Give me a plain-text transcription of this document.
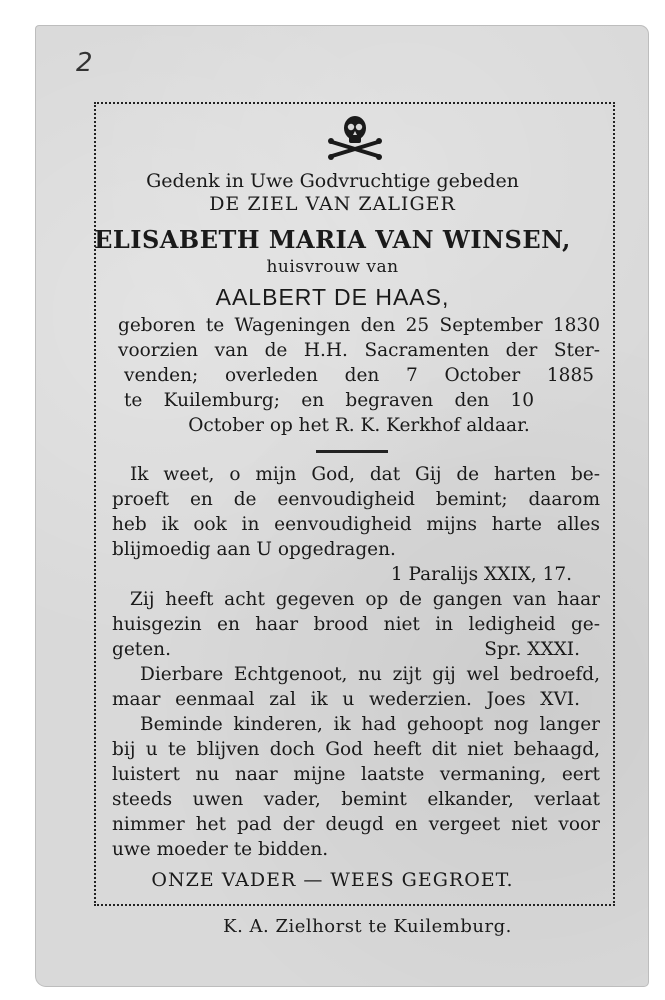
2
Gedenk in Uwe Godvruchtige gebeden
DE ZIEL VAN ZALIGER
ELISABETH MARIA VAN WINSEN,
huisvrouw van
AALBERT DE HAAS,
geboren te Wageningen den 25 September 1830
voorzien van de H.H. Sacramenten der Ster-
venden; overleden den 7 October 1885
te Kuilemburg; en begraven den 10
October op het R. K. Kerkhof aldaar.
Ik weet, o mijn God, dat Gij de harten be-
proeft en de eenvoudigheid bemint; daarom
heb ik ook in eenvoudigheid mijns harte alles
blijmoedig aan U opgedragen.
1 Paralijs XXIX, 17.
Zij heeft acht gegeven op de gangen van haar
huisgezin en haar brood niet in ledigheid ge-
geten.	Spr. XXXI.
Dierbare Echtgenoot, nu zijt gij wel bedroefd,
maar eenmaal zal ik u wederzien. Joes XVI.
Beminde kinderen, ik had gehoopt nog langer
bij u te blijven doch God heeft dit niet behaagd,
luistert nu naar mijne laatste vermaning, eert
steeds uwen vader, bemint elkander, verlaat
nimmer het pad der deugd en vergeet niet voor
uwe moeder te bidden.
ONZE VADER — WEES GEGROET.
K. A. Zielhorst te Kuilemburg.
